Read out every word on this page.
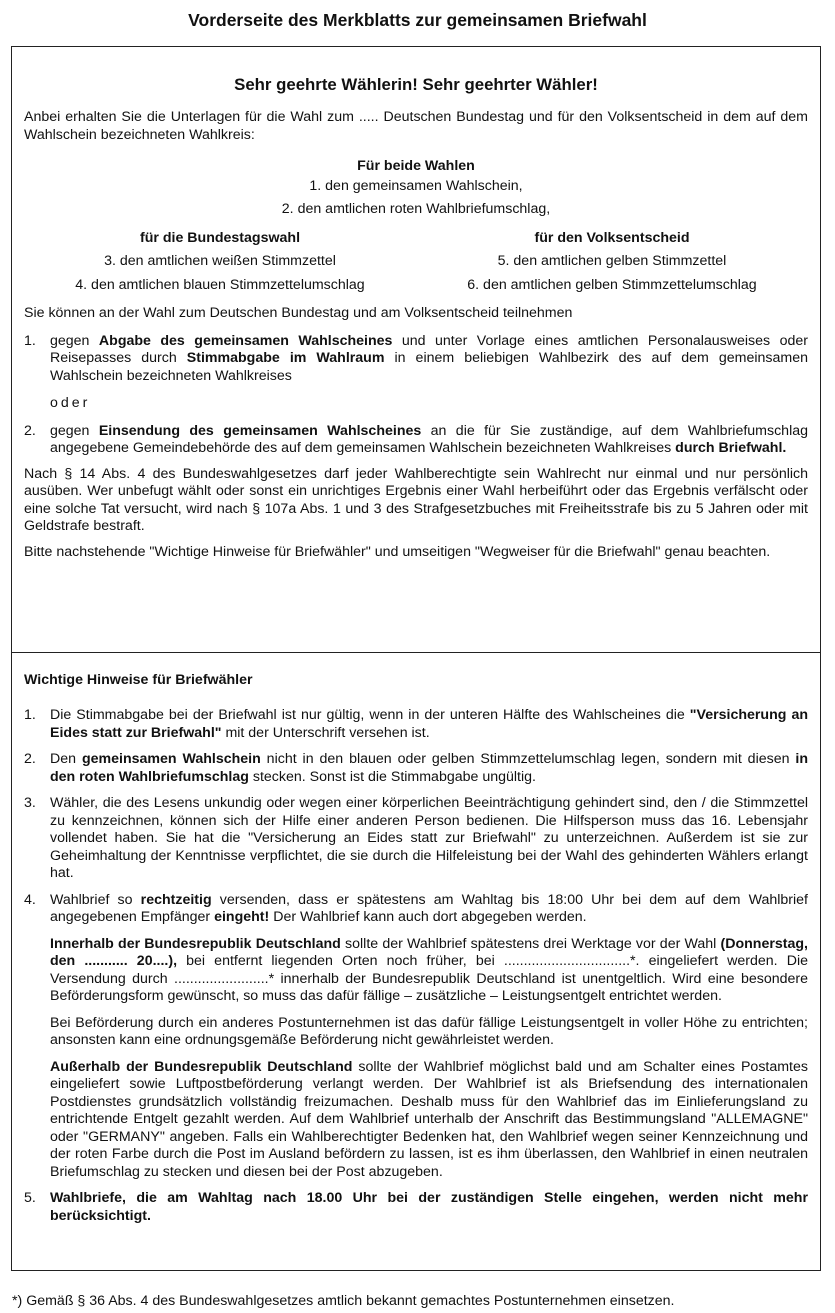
Vorderseite des Merkblatts zur gemeinsamen Briefwahl
Sehr geehrte Wählerin! Sehr geehrter Wähler!

Anbei erhalten Sie die Unterlagen für die Wahl zum ..... Deutschen Bundestag und für den Volksentscheid in dem auf dem Wahlschein bezeichneten Wahlkreis:

Für beide Wahlen
1. den gemeinsamen Wahlschein,
2. den amtlichen roten Wahlbriefumschlag,
für die Bundestagswahl
3. den amtlichen weißen Stimmzettel
4. den amtlichen blauen Stimmzettelumschlag
für den Volksentscheid
5. den amtlichen gelben Stimmzettel
6. den amtlichen gelben Stimmzettelumschlag

Sie können an der Wahl zum Deutschen Bundestag und am Volksentscheid teilnehmen

1. gegen Abgabe des gemeinsamen Wahlscheines und unter Vorlage eines amtlichen Personalausweises oder Reisepasses durch Stimmabgabe im Wahlraum in einem beliebigen Wahlbezirk des auf dem gemeinsamen Wahlschein bezeichneten Wahlkreises

oder
2. gegen Einsendung des gemeinsamen Wahlscheines an die für Sie zuständige, auf dem Wahlbriefumschlag angegebene Gemeindebehörde des auf dem gemeinsamen Wahlschein bezeichneten Wahlkreises durch Briefwahl.

Nach § 14 Abs. 4 des Bundeswahlgesetzes darf jeder Wahlberechtigte sein Wahlrecht nur einmal und nur persönlich ausüben. Wer unbefugt wählt oder sonst ein unrichtiges Ergebnis einer Wahl herbeiführt oder das Ergebnis verfälscht oder eine solche Tat versucht, wird nach § 107a Abs. 1 und 3 des Strafgesetzbuches mit Freiheitsstrafe bis zu 5 Jahren oder mit Geldstrafe bestraft.

Bitte nachstehende "Wichtige Hinweise für Briefwähler" und umseitigen "Wegweiser für die Briefwahl" genau beachten.

Wichtige Hinweise für Briefwähler
1. Die Stimmabgabe bei der Briefwahl ist nur gültig, wenn in der unteren Hälfte des Wahlscheines die "Versicherung an Eides statt zur Briefwahl" mit der Unterschrift versehen ist.

2. Den gemeinsamen Wahlschein nicht in den blauen oder gelben Stimmzettelumschlag legen, sondern mit diesen in den roten Wahlbriefumschlag stecken. Sonst ist die Stimmabgabe ungültig.

3. Wähler, die des Lesens unkundig oder wegen einer körperlichen Beeinträchtigung gehindert sind, den / die Stimmzettel zu kennzeichnen, können sich der Hilfe einer anderen Person bedienen. Die Hilfsperson muss das 16. Lebensjahr vollendet haben. Sie hat die "Versicherung an Eides statt zur Briefwahl" zu unterzeichnen. Außerdem ist sie zur Geheimhaltung der Kenntnisse verpflichtet, die sie durch die Hilfeleistung bei der Wahl des gehinderten Wählers erlangt hat.

4. Wahlbrief so rechtzeitig versenden, dass er spätestens am Wahltag bis 18:00 Uhr bei dem auf dem Wahlbrief angegebenen Empfänger eingeht! Der Wahlbrief kann auch dort abgegeben werden.

Innerhalb der Bundesrepublik Deutschland sollte der Wahlbrief spätestens drei Werktage vor der Wahl (Donnerstag, den ........... 20....), bei entfernt liegenden Orten noch früher, bei ................................*. eingeliefert werden. Die Versendung durch ........................* innerhalb der Bundesrepublik Deutschland ist unentgeltlich. Wird eine besondere Beförderungsform gewünscht, so muss das dafür fällige – zusätzliche – Leistungsentgelt entrichtet werden.

Bei Beförderung durch ein anderes Postunternehmen ist das dafür fällige Leistungsentgelt in voller Höhe zu entrichten; ansonsten kann eine ordnungsgemäße Beförderung nicht gewährleistet werden.

Außerhalb der Bundesrepublik Deutschland sollte der Wahlbrief möglichst bald und am Schalter eines Postamtes eingeliefert sowie Luftpostbeförderung verlangt werden. Der Wahlbrief ist als Briefsendung des internationalen Postdienstes grundsätzlich vollständig freizumachen. Deshalb muss für den Wahlbrief das im Einlieferungsland zu entrichtende Entgelt gezahlt werden. Auf dem Wahlbrief unterhalb der Anschrift das Bestimmungsland "ALLEMAGNE" oder "GERMANY" angeben. Falls ein Wahlberechtigter Bedenken hat, den Wahlbrief wegen seiner Kennzeichnung und der roten Farbe durch die Post im Ausland befördern zu lassen, ist es ihm überlassen, den Wahlbrief in einen neutralen Briefumschlag zu stecken und diesen bei der Post abzugeben.

5. Wahlbriefe, die am Wahltag nach 18.00 Uhr bei der zuständigen Stelle eingehen, werden nicht mehr berücksichtigt.

*) Gemäß § 36 Abs. 4 des Bundeswahlgesetzes amtlich bekannt gemachtes Postunternehmen einsetzen.
